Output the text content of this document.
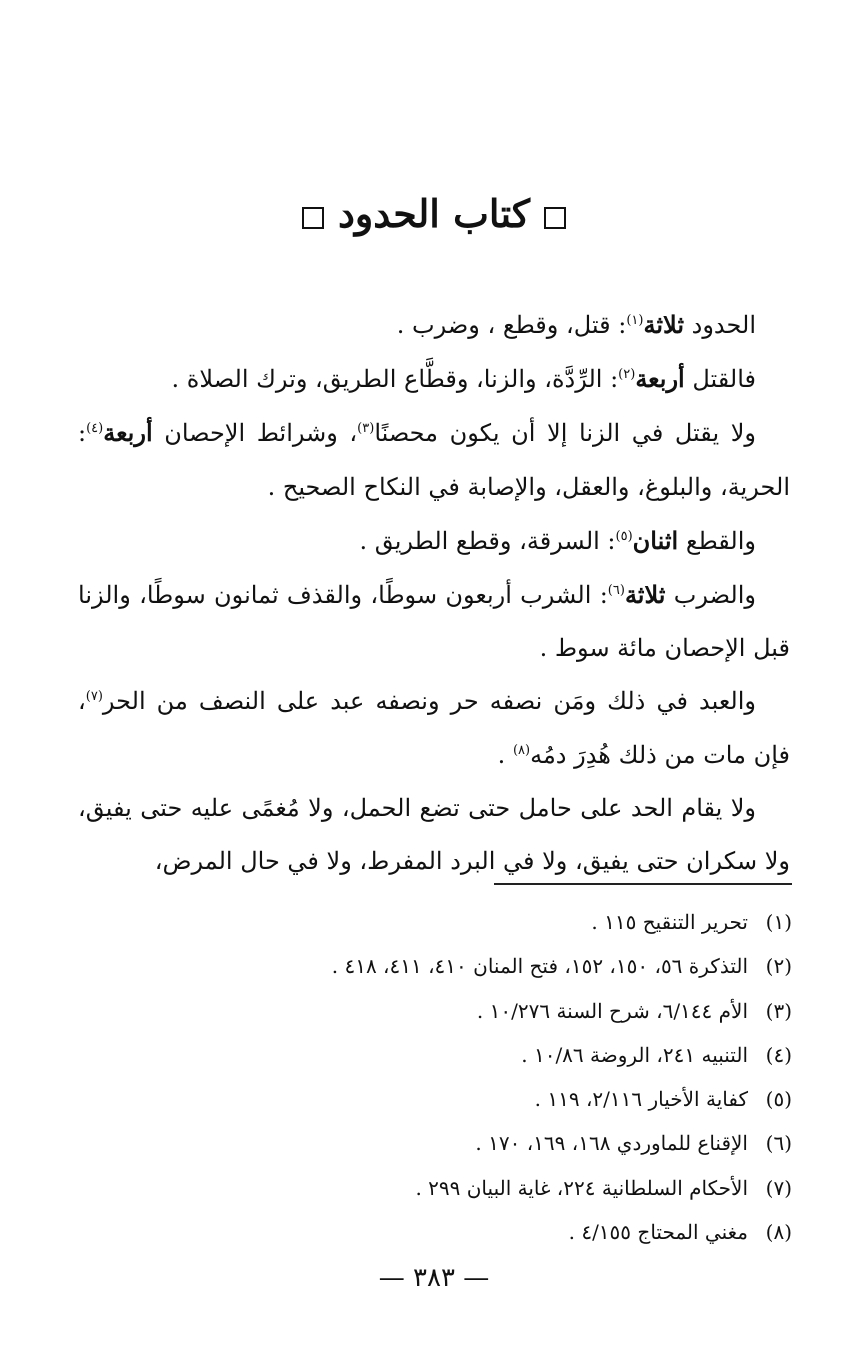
كتاب الحدود

الحدود ثلاثة$^{(١)}$: قتل، وقطع ، وضرب .

فالقتل أربعة$^{(٢)}$: الرِّدَّة، والزنا، وقطَّاع الطريق، وترك الصلاة .

ولا يقتل في الزنا إلا أن يكون محصنًا$^{(٣)}$، وشرائط الإحصان أربعة$^{(٤)}$: الحرية، والبلوغ، والعقل، والإصابة في النكاح الصحيح .

والقطع اثنان$^{(٥)}$: السرقة، وقطع الطريق .

والضرب ثلاثة$^{(٦)}$: الشرب أربعون سوطًا، والقذف ثمانون سوطًا، والزنا قبل الإحصان مائة سوط .

والعبد في ذلك ومَن نصفه حر ونصفه عبد على النصف من الحر$^{(٧)}$، فإن مات من ذلك هُدِرَ دمُه$^{(٨)}$ .

ولا يقام الحد على حامل حتى تضع الحمل، ولا مُغمًى عليه حتى يفيق، ولا سكران حتى يفيق، ولا في البرد المفرط، ولا في حال المرض،

(١)تحرير التنقيح ١١٥ .
(٢)التذكرة ٥٦، ١٥٠، ١٥٢، فتح المنان ٤١٠، ٤١١، ٤١٨ .
(٣)الأم ٦/١٤٤، شرح السنة ١٠/٢٧٦ .
(٤)التنبيه ٢٤١، الروضة ١٠/٨٦ .
(٥)كفاية الأخيار ٢/١١٦، ١١٩ .
(٦)الإقناع للماوردي ١٦٨، ١٦٩، ١٧٠ .
(٧)الأحكام السلطانية ٢٢٤، غاية البيان ٢٩٩ .
(٨)مغني المحتاج ٤/١٥٥ .
— ٣٨٣ —
